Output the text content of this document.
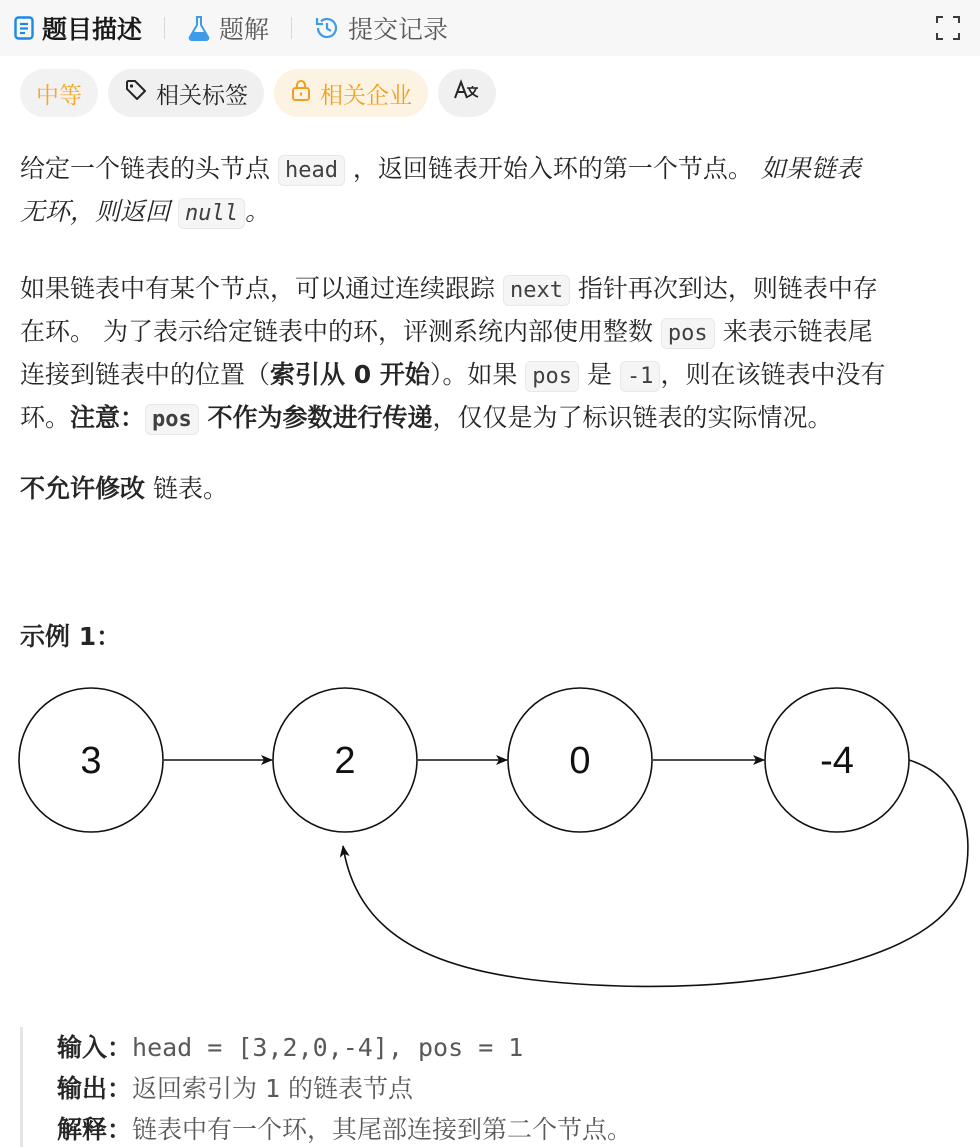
题目描述	题解	提交记录
中等	相关标签	相关企业

给定一个链表的头节点 head ，返回链表开始入环的第一个节点。 如果链表
无环，则返回 null 。

如果链表中有某个节点，可以通过连续跟踪 next 指针再次到达，则链表中存
在环。 为了表示给定链表中的环，评测系统内部使用整数 pos 来表示链表尾
连接到链表中的位置（索引从 0 开始）。如果 pos 是 -1 ，则在该链表中没有
环。注意： pos 不作为参数进行传递，仅仅是为了标识链表的实际情况。

不允许修改 链表。

示例 1：

3	2	0	-4
输入：head = [3,2,0,-4], pos = 1
输出：返回索引为 1 的链表节点
解释：链表中有一个环，其尾部连接到第二个节点。
